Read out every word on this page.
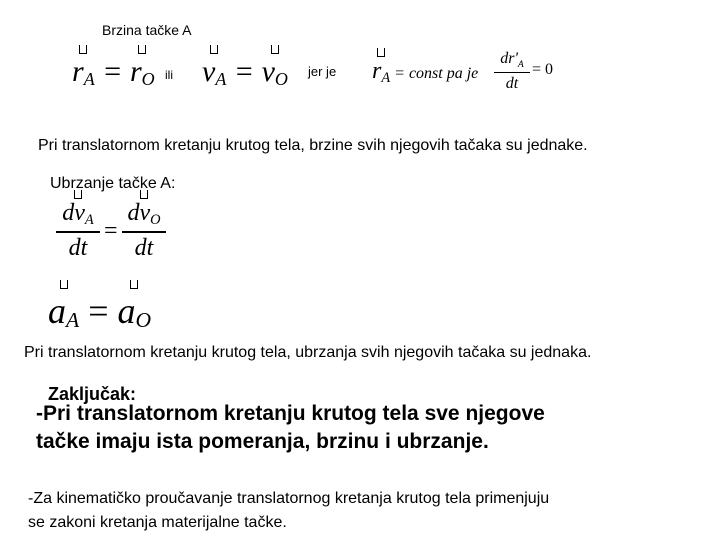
Brzina tačke A
$r_A = r_O$ ili $v_A = v_O$ jer je $r_A$ = const pa je
$dr'_A$
dt
= 0
Pri translatornom kretanju krutog tela, brzine svih njegovih tačaka su jednake.
Ubrzanje tačke A:
$dv_A$
dt
=
$dv_O$
dt
$a_A = a_O$
Pri translatornom kretanju krutog tela, ubrzanja svih njegovih tačaka su jednaka.
Zaključak:
-Pri translatornom kretanju krutog tela sve njegove
tačke imaju ista pomeranja, brzinu i ubrzanje.
-Za kinematičko proučavanje translatornog kretanja krutog tela primenjuju
se zakoni kretanja materijalne tačke.
